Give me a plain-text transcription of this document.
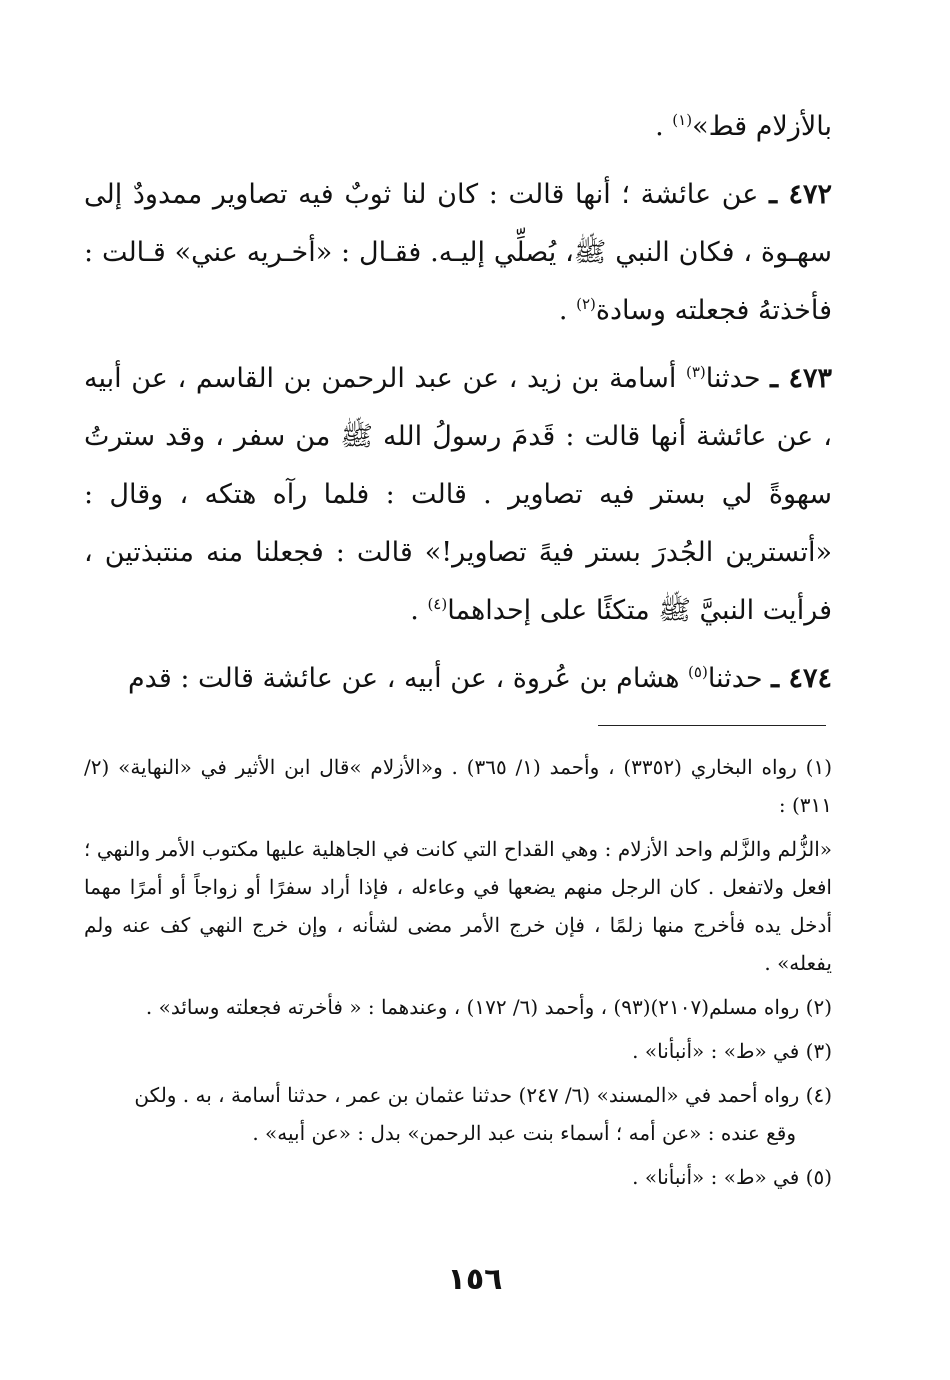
بالأزلام قط»$^{(١)}$ .

٤٧٢ ـ عن عائشة ؛ أنها قالت : كان لنا ثوبٌ فيه تصاوير ممدودٌ إلى سهـوة ، فكان النبي ﷺ، يُصلِّي إليـه. فقـال : «أخـريه عني» قـالت : فأخذتهُ فجعلته وسادة$^{(٢)}$ .

٤٧٣ ـ حدثنا$^{(٣)}$ أسامة بن زيد ، عن عبد الرحمن بن القاسم ، عن أبيه ، عن عائشة أنها قالت : قَدمَ رسولُ الله ﷺ من سفر ، وقد سترتُ سهوةً لي بستر فيه تصاوير . قالت : فلما رآه هتكه ، وقال : «أتسترين الجُدرَ بستر فيهً تصاوير!» قالت : فجعلنا منه منتبذتين ، فرأيت النبيَّ ﷺ متكئًا على إحداهما$^{(٤)}$ .

٤٧٤ ـ حدثنا$^{(٥)}$ هشام بن عُروة ، عن أبيه ، عن عائشة قالت : قدم

(١) رواه البخاري (٣٣٥٢) ، وأحمد (١/ ٣٦٥) . و«الأزلام »قال ابن الأثير في «النهاية» (٢/ ٣١١) :

«الزُّلم والزَّلم واحد الأزلام : وهي القداح التي كانت في الجاهلية عليها مكتوب الأمر والنهي ؛ افعل ولاتفعل . كان الرجل منهم يضعها في وعاءله ، فإذا أراد سفرًا أو زواجاً أو أمرًا مهما أدخل يده فأخرج منها زلمًا ، فإن خرج الأمر مضى لشأنه ، وإن خرج النهي كف عنه ولم يفعله» .

(٢) رواه مسلم(٢١٠٧)(٩٣) ، وأحمد (٦/ ١٧٢) ، وعندهما : « فأخرته فجعلته وسائد» .

(٣) في «ط» : «أنبأنا» .

(٤) رواه أحمد في «المسند» (٦/ ٢٤٧) حدثنا عثمان بن عمر ، حدثنا أسامة ، به . ولكن

وقع عنده : «عن أمه ؛ أسماء بنت عبد الرحمن» بدل : «عن أبيه» .

(٥) في «ط» : «أنبأنا» .

١٥٦
